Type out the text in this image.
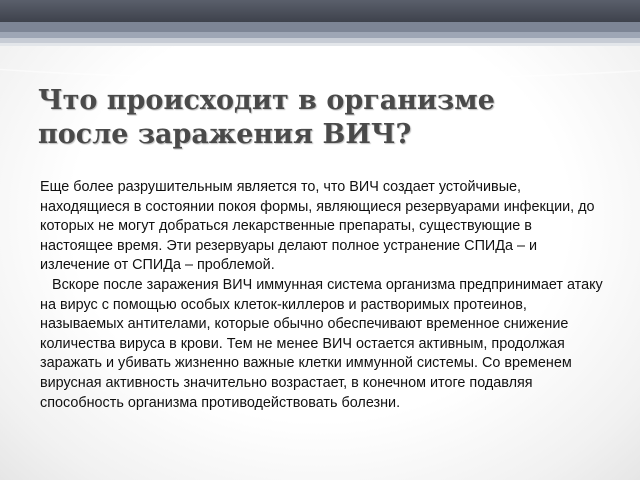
Что происходит в организме
после заражения ВИЧ?

Еще более разрушительным является то, что ВИЧ создает устойчивые, находящиеся в состоянии покоя формы, являющиеся резервуарами инфекции, до которых не могут добраться лекарственные препараты, существующие в настоящее время. Эти резервуары делают полное устранение СПИДа – и излечение от СПИДа – проблемой.

Вскоре после заражения ВИЧ иммунная система организма предпринимает атаку на вирус с помощью особых клеток-киллеров и растворимых протеинов, называемых антителами, которые обычно обеспечивают временное снижение количества вируса в крови. Тем не менее ВИЧ остается активным, продолжая заражать и убивать жизненно важные клетки иммунной системы. Со временем вирусная активность значительно возрастает, в конечном итоге подавляя способность организма противодействовать болезни.
